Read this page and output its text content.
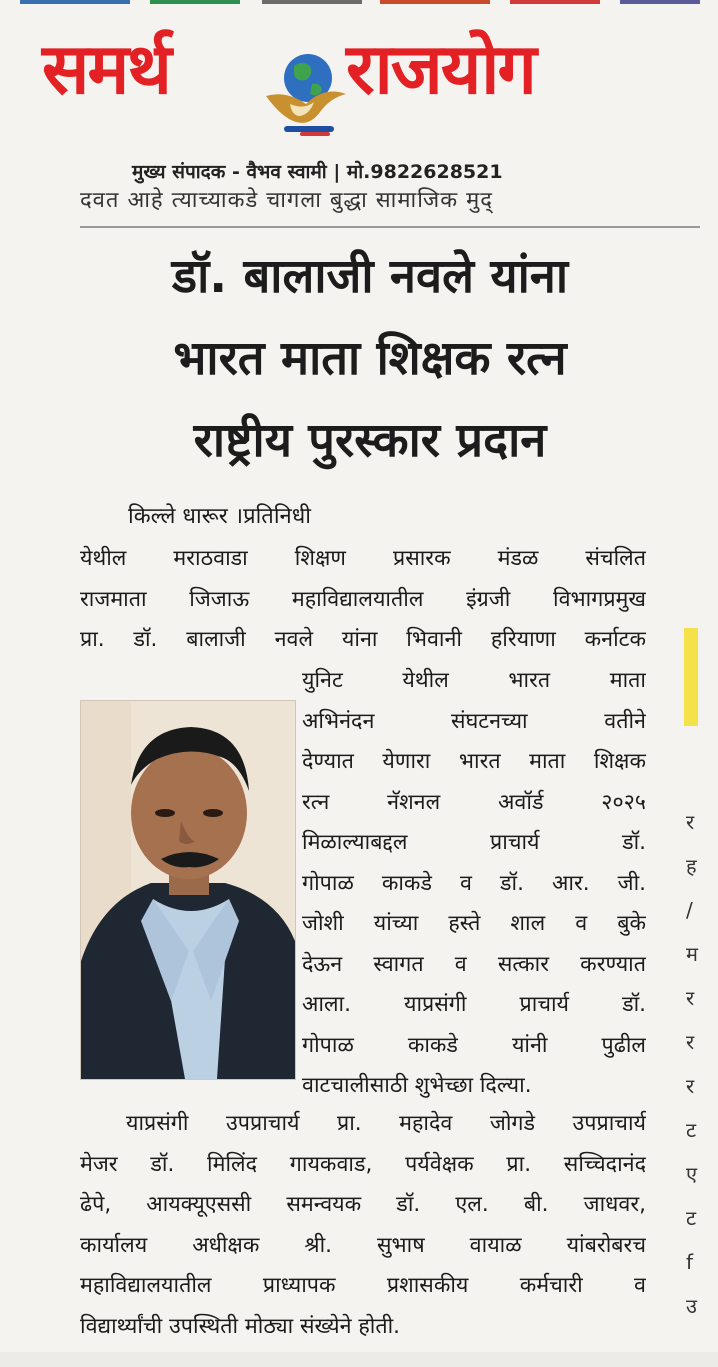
समर्थ	राजयोग
मुख्य संपादक - वैभव स्वामी | मो.9822628521
दवत आहे त्याच्याकडे चागला बुद्धा सामाजिक मुद्
डॉ. बालाजी नवले यांना
भारत माता शिक्षक रत्न
राष्ट्रीय पुरस्कार प्रदान
किल्ले धारूर ।प्रतिनिधी
येथील मराठवाडा शिक्षण प्रसारक मंडळ संचलित
राजमाता जिजाऊ महाविद्यालयातील इंग्रजी विभागप्रमुख
प्रा. डॉ. बालाजी नवले यांना भिवानी हरियाणा कर्नाटक
युनिट येथील भारत माता
अभिनंदन संघटनच्या वतीने
देण्यात येणारा भारत माता शिक्षक
रत्न नॅशनल अवॉर्ड २०२५
मिळाल्याबद्दल प्राचार्य डॉ.
गोपाळ काकडे व डॉ. आर. जी.
जोशी यांच्या हस्ते शाल व बुके
देऊन स्वागत व सत्कार करण्यात
आला. याप्रसंगी प्राचार्य डॉ.
गोपाळ काकडे यांनी पुढील
वाटचालीसाठी शुभेच्छा दिल्या.
याप्रसंगी उपप्राचार्य प्रा. महादेव जोगडे उपप्राचार्य
मेजर डॉ. मिलिंद गायकवाड, पर्यवेक्षक प्रा. सच्चिदानंद
ढेपे, आयक्यूएससी समन्वयक डॉ. एल. बी. जाधवर,
कार्यालय अधीक्षक श्री. सुभाष वायाळ यांबरोबरच
महाविद्यालयातील प्राध्यापक प्रशासकीय कर्मचारी व
विद्यार्थ्यांची उपस्थिती मोठ्या संख्येने होती.
र
ह
/
म
र
र
र
ट
ए
ट
f
उ
